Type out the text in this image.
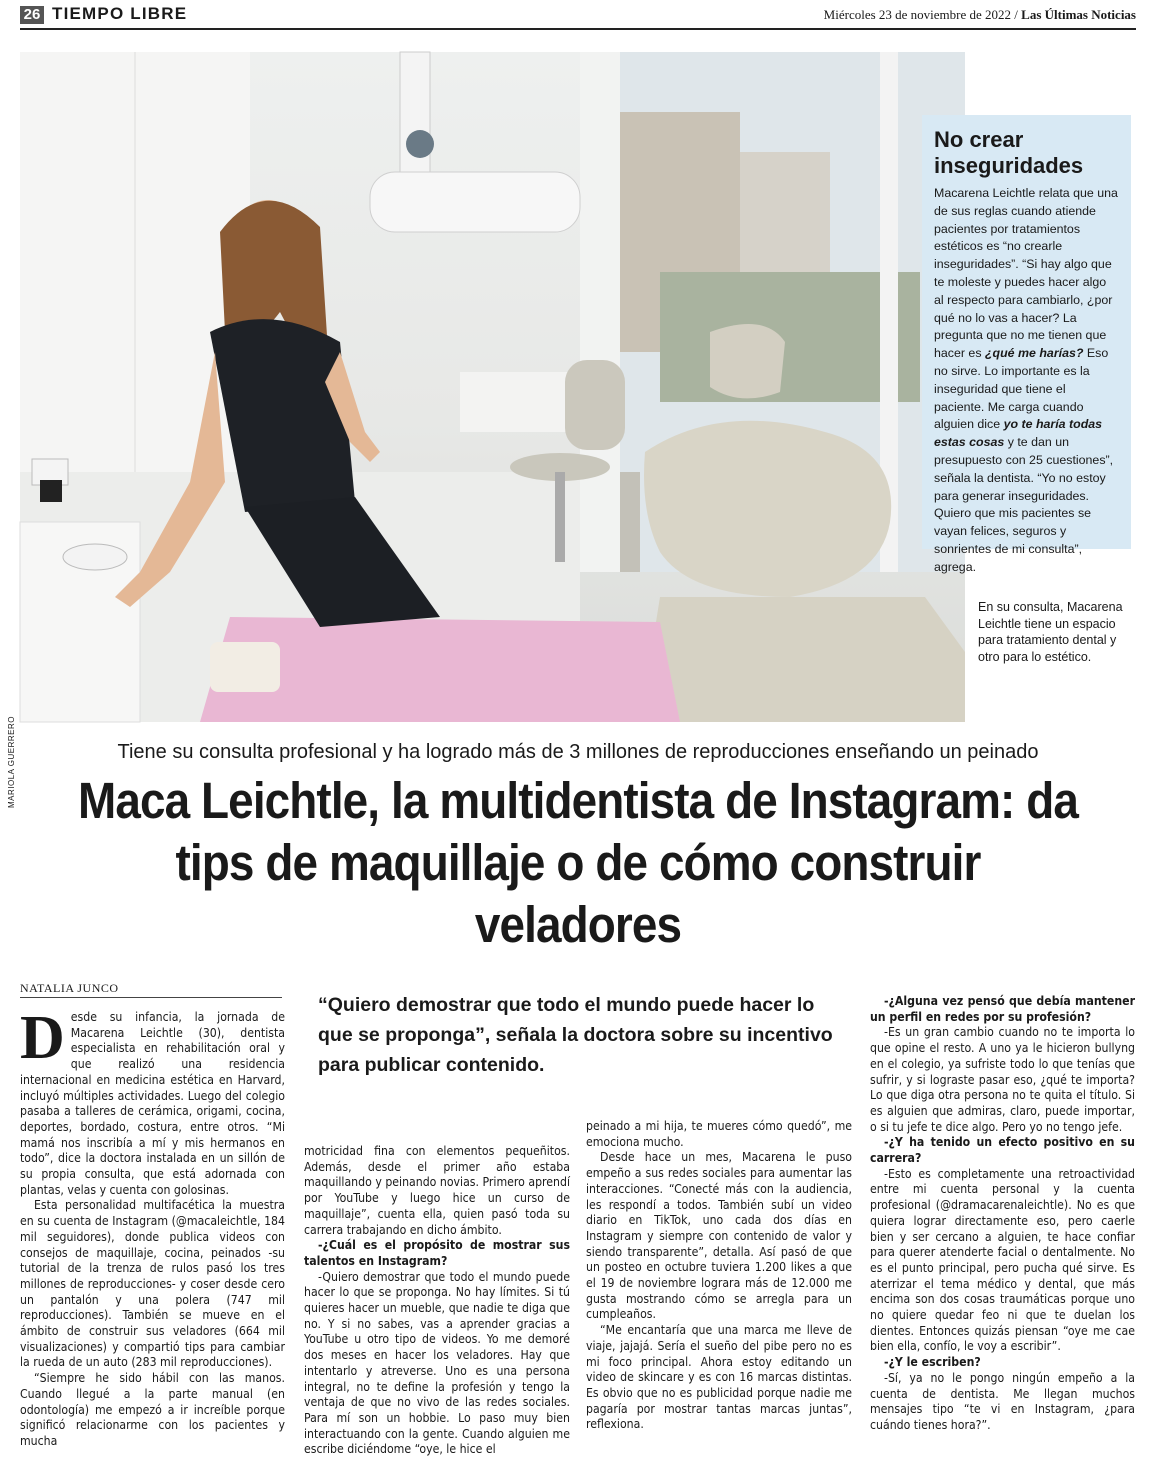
26 TIEMPO LIBRE	Miércoles 23 de noviembre de 2022 / Las Últimas Noticias
MARIOLA GUERRERO
No crear inseguridades

Macarena Leichtle relata que una de sus reglas cuando atiende pacientes por tratamientos estéticos es “no crearle inseguridades”. “Si hay algo que te moleste y puedes hacer algo al respecto para cambiarlo, ¿por qué no lo vas a hacer? La pregunta que no me tienen que hacer es ¿qué me harías? Eso no sirve. Lo importante es la inseguridad que tiene el paciente. Me carga cuando alguien dice yo te haría todas estas cosas y te dan un presupuesto con 25 cuestiones”, señala la dentista. “Yo no estoy para generar inseguridades. Quiero que mis pacientes se vayan felices, seguros y sonrientes de mi consulta”, agrega.

En su consulta, Macarena Leichtle tiene un espacio para tratamiento dental y otro para lo estético.
Tiene su consulta profesional y ha logrado más de 3 millones de reproducciones enseñando un peinado
Maca Leichtle, la multidentista de Instagram: da tips de maquillaje o de cómo construir veladores
NATALIA JUNCO
D esde su infancia, la jornada de Macarena Leichtle (30), dentista especialista en rehabilitación oral y que realizó una residencia internacional en medicina estética en Harvard, incluyó múltiples actividades. Luego del colegio pasaba a talleres de cerámica, origami, cocina, deportes, bordado, costura, entre otros. “Mi mamá nos inscribía a mí y mis hermanos en todo”, dice la doctora instalada en un sillón de su propia consulta, que está adornada con plantas, velas y cuenta con golosinas.

Esta personalidad multifacética la muestra en su cuenta de Instagram (@macaleichtle, 184 mil seguidores), donde publica videos con consejos de maquillaje, cocina, peinados -su tutorial de la trenza de rulos pasó los tres millones de reproducciones- y coser desde cero un pantalón y una polera (747 mil reproducciones). También se mueve en el ámbito de construir sus veladores (664 mil visualizaciones) y compartió tips para cambiar la rueda de un auto (283 mil reproducciones).

“Siempre he sido hábil con las manos. Cuando llegué a la parte manual (en odontología) me empezó a ir increíble porque significó relacionarme con los pacientes y mucha

“Quiero demostrar que todo el mundo puede hacer lo que se proponga”, señala la doctora sobre su incentivo para publicar contenido.

motricidad fina con elementos pequeñitos. Además, desde el primer año estaba maquillando y peinando novias. Primero aprendí por YouTube y luego hice un curso de maquillaje”, cuenta ella, quien pasó toda su carrera trabajando en dicho ámbito.

-¿Cuál es el propósito de mostrar sus talentos en Instagram?

-Quiero demostrar que todo el mundo puede hacer lo que se proponga. No hay límites. Si tú quieres hacer un mueble, que nadie te diga que no. Y si no sabes, vas a aprender gracias a YouTube u otro tipo de videos. Yo me demoré dos meses en hacer los veladores. Hay que intentarlo y atreverse. Uno es una persona integral, no te define la profesión y tengo la ventaja de que no vivo de las redes sociales. Para mí son un hobbie. Lo paso muy bien interactuando con la gente. Cuando alguien me escribe diciéndome “oye, le hice el

peinado a mi hija, te mueres cómo quedó”, me emociona mucho.

Desde hace un mes, Macarena le puso empeño a sus redes sociales para aumentar las interacciones. “Conecté más con la audiencia, les respondí a todos. También subí un video diario en TikTok, uno cada dos días en Instagram y siempre con contenido de valor y siendo transparente”, detalla. Así pasó de que un posteo en octubre tuviera 1.200 likes a que el 19 de noviembre lograra más de 12.000 me gusta mostrando cómo se arregla para un cumpleaños.

“Me encantaría que una marca me lleve de viaje, jajajá. Sería el sueño del pibe pero no es mi foco principal. Ahora estoy editando un video de skincare y es con 16 marcas distintas. Es obvio que no es publicidad porque nadie me pagaría por mostrar tantas marcas juntas”, reflexiona.

-¿Alguna vez pensó que debía mantener un perfil en redes por su profesión?

-Es un gran cambio cuando no te importa lo que opine el resto. A uno ya le hicieron bullyng en el colegio, ya sufriste todo lo que tenías que sufrir, y si lograste pasar eso, ¿qué te importa? Lo que diga otra persona no te quita el título. Si es alguien que admiras, claro, puede importar, o si tu jefe te dice algo. Pero yo no tengo jefe.

-¿Y ha tenido un efecto positivo en su carrera?

-Esto es completamente una retroactividad entre mi cuenta personal y la cuenta profesional (@dramacarenaleichtle). No es que quiera lograr directamente eso, pero caerle bien y ser cercano a alguien, te hace confiar para querer atenderte facial o dentalmente. No es el punto principal, pero pucha qué sirve. Es aterrizar el tema médico y dental, que más encima son dos cosas traumáticas porque uno no quiere quedar feo ni que te duelan los dientes. Entonces quizás piensan “oye me cae bien ella, confío, le voy a escribir”.

-¿Y le escriben?

-Sí, ya no le pongo ningún empeño a la cuenta de dentista. Me llegan muchos mensajes tipo “te vi en Instagram, ¿para cuándo tienes hora?”.
